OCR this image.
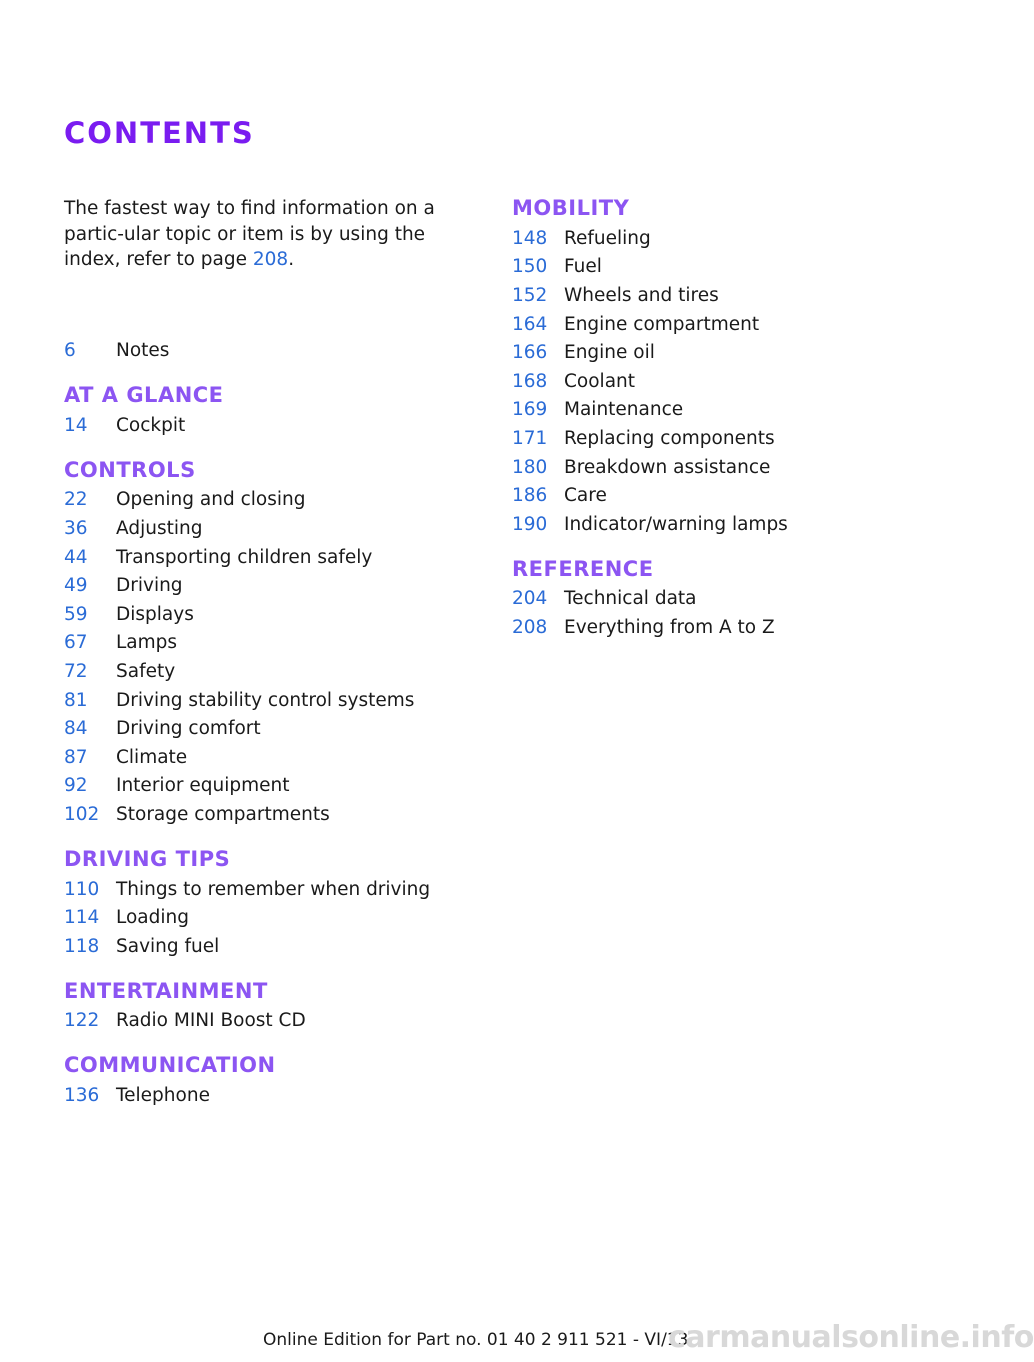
contents

The fastest way to find information on a partic-ular topic or item is by using the index, refer to page 208.

6	Notes
AT A GLANCE
14	Cockpit
CONTROLS
22	Opening and closing
36	Adjusting
44	Transporting children safely
49	Driving
59	Displays
67	Lamps
72	Safety
81	Driving stability control systems
84	Driving comfort
87	Climate
92	Interior equipment
102 Storage compartments
DRIVING TIPS
110 Things to remember when driving
114 Loading
118 Saving fuel
ENTERTAINMENT
122 Radio MINI Boost CD
COMMUNICATION
136 Telephone
MOBILITY
148 Refueling
150 Fuel
152 Wheels and tires
164 Engine compartment
166 Engine oil
168 Coolant
169 Maintenance
171 Replacing components
180 Breakdown assistance
186 Care
190 Indicator/warning lamps
REFERENCE
204 Technical data
208 Everything from A to Z
Online Edition for Part no. 01 40 2 911 521 - VI/13
carmanualsonline.info
